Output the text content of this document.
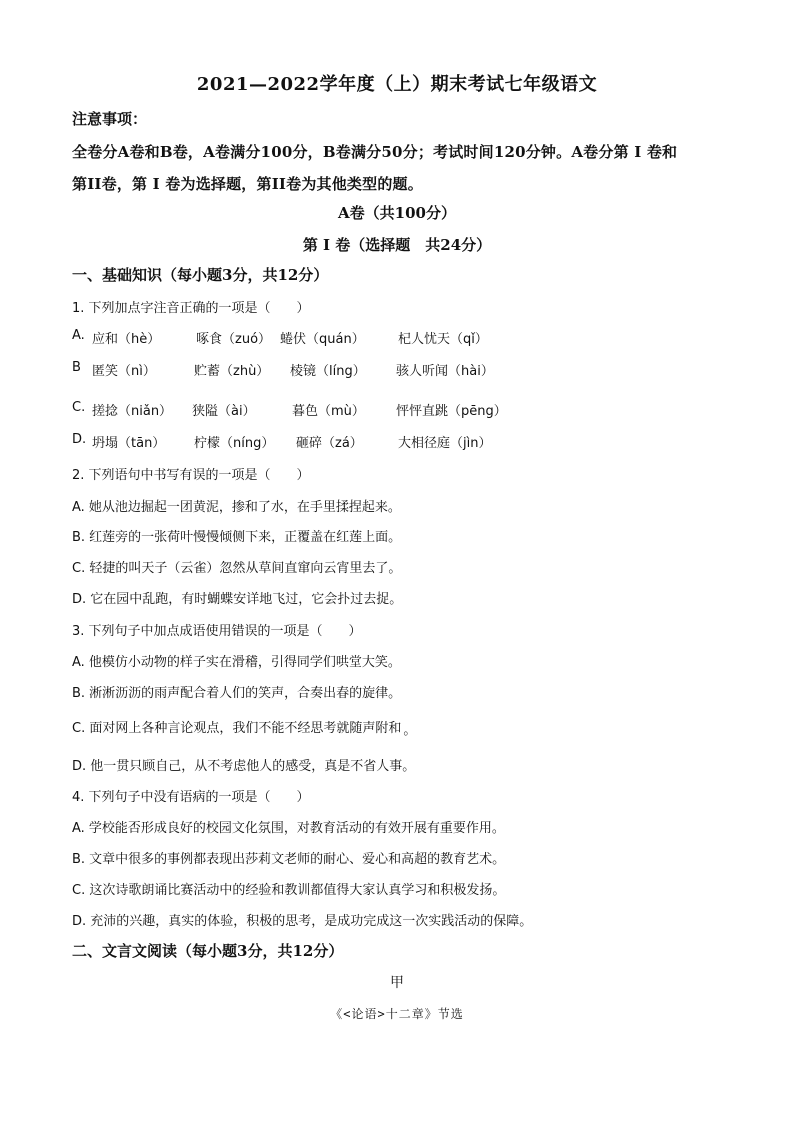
2021—2022学年度（上）期末考试七年级语文
注意事项：
全卷分A卷和B卷，A卷满分100分，B卷满分50分；考试时间120分钟。A卷分第 I 卷和
第II卷，第 I 卷为选择题，第II卷为其他类型的题。
A卷（共100分）
第 I 卷（选择题　共24分）
一、基础知识（每小题3分，共12分）
1. 下列加点字注音正确的一项是（　　）
A. 应和（hè）	啄食（zuó） 蜷伏（quán）	杞人忧天（qǐ）
B 匿笑（nì）	贮蓄（zhù） 棱镜（líng） 骇人听闻（hài）
C. 搓捻（niǎn） 狭隘（ài）	暮色（mù） 怦怦直跳（pēng）
D. 坍塌（tān） 柠檬（níng） 砸碎（zá）	大相径庭（jìn）
2. 下列语句中书写有误的一项是（　　）
A. 她从池边掘起一团黄泥，掺和了水，在手里揉捏起来。
B. 红莲旁的一张荷叶慢慢倾侧下来，正覆盖在红莲上面。
C. 轻捷的叫天子（云雀）忽然从草间直窜向云宵里去了。
D. 它在园中乱跑，有时蝴蝶安详地飞过，它会扑过去捉。
3. 下列句子中加点成语使用错误的一项是（　　）
A. 他模仿小动物的样子实在滑稽，引得同学们哄堂大笑。
B. 淅淅沥沥的雨声配合着人们的笑声，合奏出春的旋律。
C. 面对网上各种言论观点，我们不能不经思考就随声附和 。
D. 他一贯只顾自己，从不考虑他人的感受，真是不省人事。
4. 下列句子中没有语病的一项是（　　）
A. 学校能否形成良好的校园文化氛围，对教育活动的有效开展有重要作用。
B. 文章中很多的事例都表现出莎莉文老师的耐心、爱心和高超的教育艺术。
C. 这次诗歌朗诵比赛活动中的经验和教训都值得大家认真学习和积极发扬。
D. 充沛的兴趣，真实的体验，积极的思考，是成功完成这一次实践活动的保障。
二、文言文阅读（每小题3分，共12分）
甲
《<论语>十二章》节选
